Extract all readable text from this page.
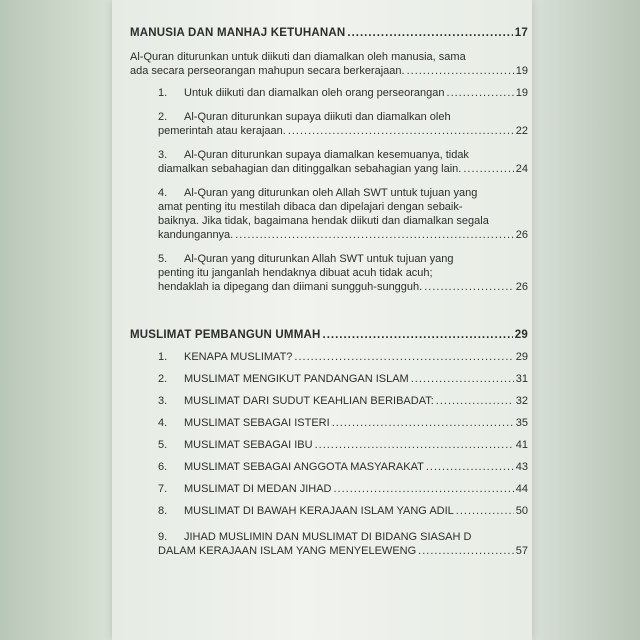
MANUSIA DAN MANHAJ KETUHANAN .....	17
Al-Quran diturunkan untuk diikuti dan diamalkan oleh manusia, sama
ada secara perseorangan mahupun secara berkerajaan. .....	19
1.	Untuk diikuti dan diamalkan oleh orang perseorangan .....	19
2.	Al-Quran diturunkan supaya diikuti dan diamalkan oleh
pemerintah atau kerajaan. .....	22
3.	Al-Quran diturunkan supaya diamalkan kesemuanya, tidak
diamalkan sebahagian dan ditinggalkan sebahagian yang lain. .....	24
4.	Al-Quran yang diturunkan oleh Allah SWT untuk tujuan yang
amat penting itu mestilah dibaca dan dipelajari dengan sebaik-
baiknya. Jika tidak, bagaimana hendak diikuti dan diamalkan segala
kandungannya. .....	26
5.	Al-Quran yang diturunkan Allah SWT untuk tujuan yang
penting itu janganlah hendaknya dibuat acuh tidak acuh;
hendaklah ia dipegang dan diimani sungguh-sungguh. .....	26
MUSLIMAT PEMBANGUN UMMAH .....	29
1.	KENAPA MUSLIMAT? .....	29
2.	MUSLIMAT MENGIKUT PANDANGAN ISLAM .....	31
3.	MUSLIMAT DARI SUDUT KEAHLIAN BERIBADAT: .....	32
4.	MUSLIMAT SEBAGAI ISTERI .....	35
5.	MUSLIMAT SEBAGAI IBU .....	41
6.	MUSLIMAT SEBAGAI ANGGOTA MASYARAKAT .....	43
7.	MUSLIMAT DI MEDAN JIHAD .....	44
8.	MUSLIMAT DI BAWAH KERAJAAN ISLAM YANG ADIL .....	50
9.	JIHAD MUSLIMIN DAN MUSLIMAT DI BIDANG SIASAH D
DALAM KERAJAAN ISLAM YANG MENYELEWENG .....	57
